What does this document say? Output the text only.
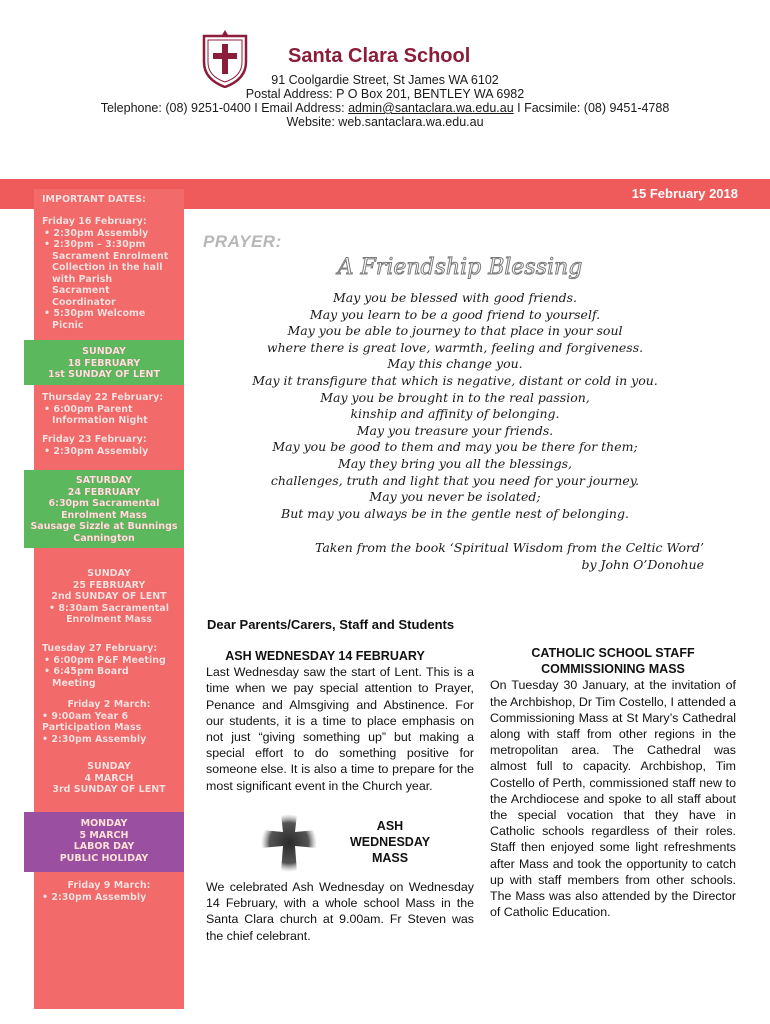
Santa Clara School
91 Coolgardie Street, St James WA 6102
Postal Address: P O Box 201, BENTLEY WA 6982
Telephone: (08) 9251-0400 I Email Address: admin@santaclara.wa.edu.au I Facsimile: (08) 9451-4788
Website: web.santaclara.wa.edu.au
15 February 2018
IMPORTANT DATES:
Friday 16 February:
• 2:30pm Assembly
• 2:30pm – 3:30pm Sacrament Enrolment Collection in the hall with Parish Sacrament Coordinator
• 5:30pm Welcome Picnic
SUNDAY
18 FEBRUARY
1st SUNDAY OF LENT
Thursday 22 February:
• 6:00pm Parent Information Night
Friday 23 February:
• 2:30pm Assembly
SATURDAY
24 FEBRUARY
6:30pm Sacramental Enrolment Mass
Sausage Sizzle at Bunnings Cannington
SUNDAY
25 FEBRUARY
2nd SUNDAY OF LENT
• 8:30am Sacramental Enrolment Mass
Tuesday 27 February:
• 6:00pm P&F Meeting
• 6:45pm Board Meeting
Friday 2 March:
• 9:00am Year 6 Participation Mass
• 2:30pm Assembly
SUNDAY
4 MARCH
3rd SUNDAY OF LENT
MONDAY
5 MARCH
LABOR DAY
PUBLIC HOLIDAY
Friday 9 March:
• 2:30pm Assembly
PRAYER:
A Friendship Blessing
May you be blessed with good friends.
May you learn to be a good friend to yourself.
May you be able to journey to that place in your soul
where there is great love, warmth, feeling and forgiveness.
May this change you.
May it transfigure that which is negative, distant or cold in you.
May you be brought in to the real passion,
kinship and affinity of belonging.
May you treasure your friends.
May you be good to them and may you be there for them;
May they bring you all the blessings,
challenges, truth and light that you need for your journey.
May you never be isolated;
But may you always be in the gentle nest of belonging.
Taken from the book ‘Spiritual Wisdom from the Celtic Word’
by John O’Donohue
Dear Parents/Carers, Staff and Students
ASH WEDNESDAY 14 FEBRUARY
Last Wednesday saw the start of Lent. This is a time when we pay special attention to Prayer, Penance and Almsgiving and Abstinence. For our students, it is a time to place emphasis on not just “giving something up” but making a special effort to do something positive for someone else. It is also a time to prepare for the most significant event in the Church year.
ASH
WEDNESDAY
MASS
We celebrated Ash Wednesday on Wednesday 14 February, with a whole school Mass in the Santa Clara church at 9.00am. Fr Steven was the chief celebrant.
CATHOLIC SCHOOL STAFF
COMMISSIONING MASS
On Tuesday 30 January, at the invitation of the Archbishop, Dr Tim Costello, I attended a Commissioning Mass at St Mary’s Cathedral along with staff from other regions in the metropolitan area. The Cathedral was almost full to capacity. Archbishop, Tim Costello of Perth, commissioned staff new to the Archdiocese and spoke to all staff about the special vocation that they have in Catholic schools regardless of their roles. Staff then enjoyed some light refreshments after Mass and took the opportunity to catch up with staff members from other schools. The Mass was also attended by the Director of Catholic Education.
